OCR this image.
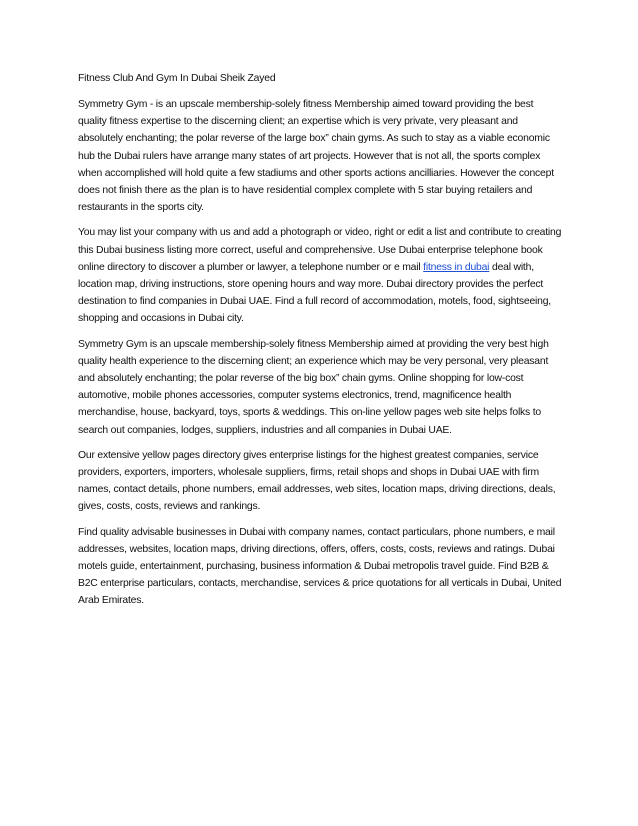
Fitness Club And Gym In Dubai Sheik Zayed

Symmetry Gym - is an upscale membership-solely fitness Membership aimed toward providing the best quality fitness expertise to the discerning client; an expertise which is very private, very pleasant and absolutely enchanting; the polar reverse of the large box” chain gyms. As such to stay as a viable economic hub the Dubai rulers have arrange many states of art projects. However that is not all, the sports complex when accomplished will hold quite a few stadiums and other sports actions ancilliaries. However the concept does not finish there as the plan is to have residential complex complete with 5 star buying retailers and restaurants in the sports city.

You may list your company with us and add a photograph or video, right or edit a list and contribute to creating this Dubai business listing more correct, useful and comprehensive. Use Dubai enterprise telephone book online directory to discover a plumber or lawyer, a telephone number or e mail fitness in dubai deal with, location map, driving instructions, store opening hours and way more. Dubai directory provides the perfect destination to find companies in Dubai UAE. Find a full record of accommodation, motels, food, sightseeing, shopping and occasions in Dubai city.

Symmetry Gym is an upscale membership-solely fitness Membership aimed at providing the very best high quality health experience to the discerning client; an experience which may be very personal, very pleasant and absolutely enchanting; the polar reverse of the big box” chain gyms. Online shopping for low-cost automotive, mobile phones accessories, computer systems electronics, trend, magnificence health merchandise, house, backyard, toys, sports & weddings. This on-line yellow pages web site helps folks to search out companies, lodges, suppliers, industries and all companies in Dubai UAE.

Our extensive yellow pages directory gives enterprise listings for the highest greatest companies, service providers, exporters, importers, wholesale suppliers, firms, retail shops and shops in Dubai UAE with firm names, contact details, phone numbers, email addresses, web sites, location maps, driving directions, deals, gives, costs, costs, reviews and rankings.

Find quality advisable businesses in Dubai with company names, contact particulars, phone numbers, e mail addresses, websites, location maps, driving directions, offers, offers, costs, costs, reviews and ratings. Dubai motels guide, entertainment, purchasing, business information & Dubai metropolis travel guide. Find B2B & B2C enterprise particulars, contacts, merchandise, services & price quotations for all verticals in Dubai, United Arab Emirates.
